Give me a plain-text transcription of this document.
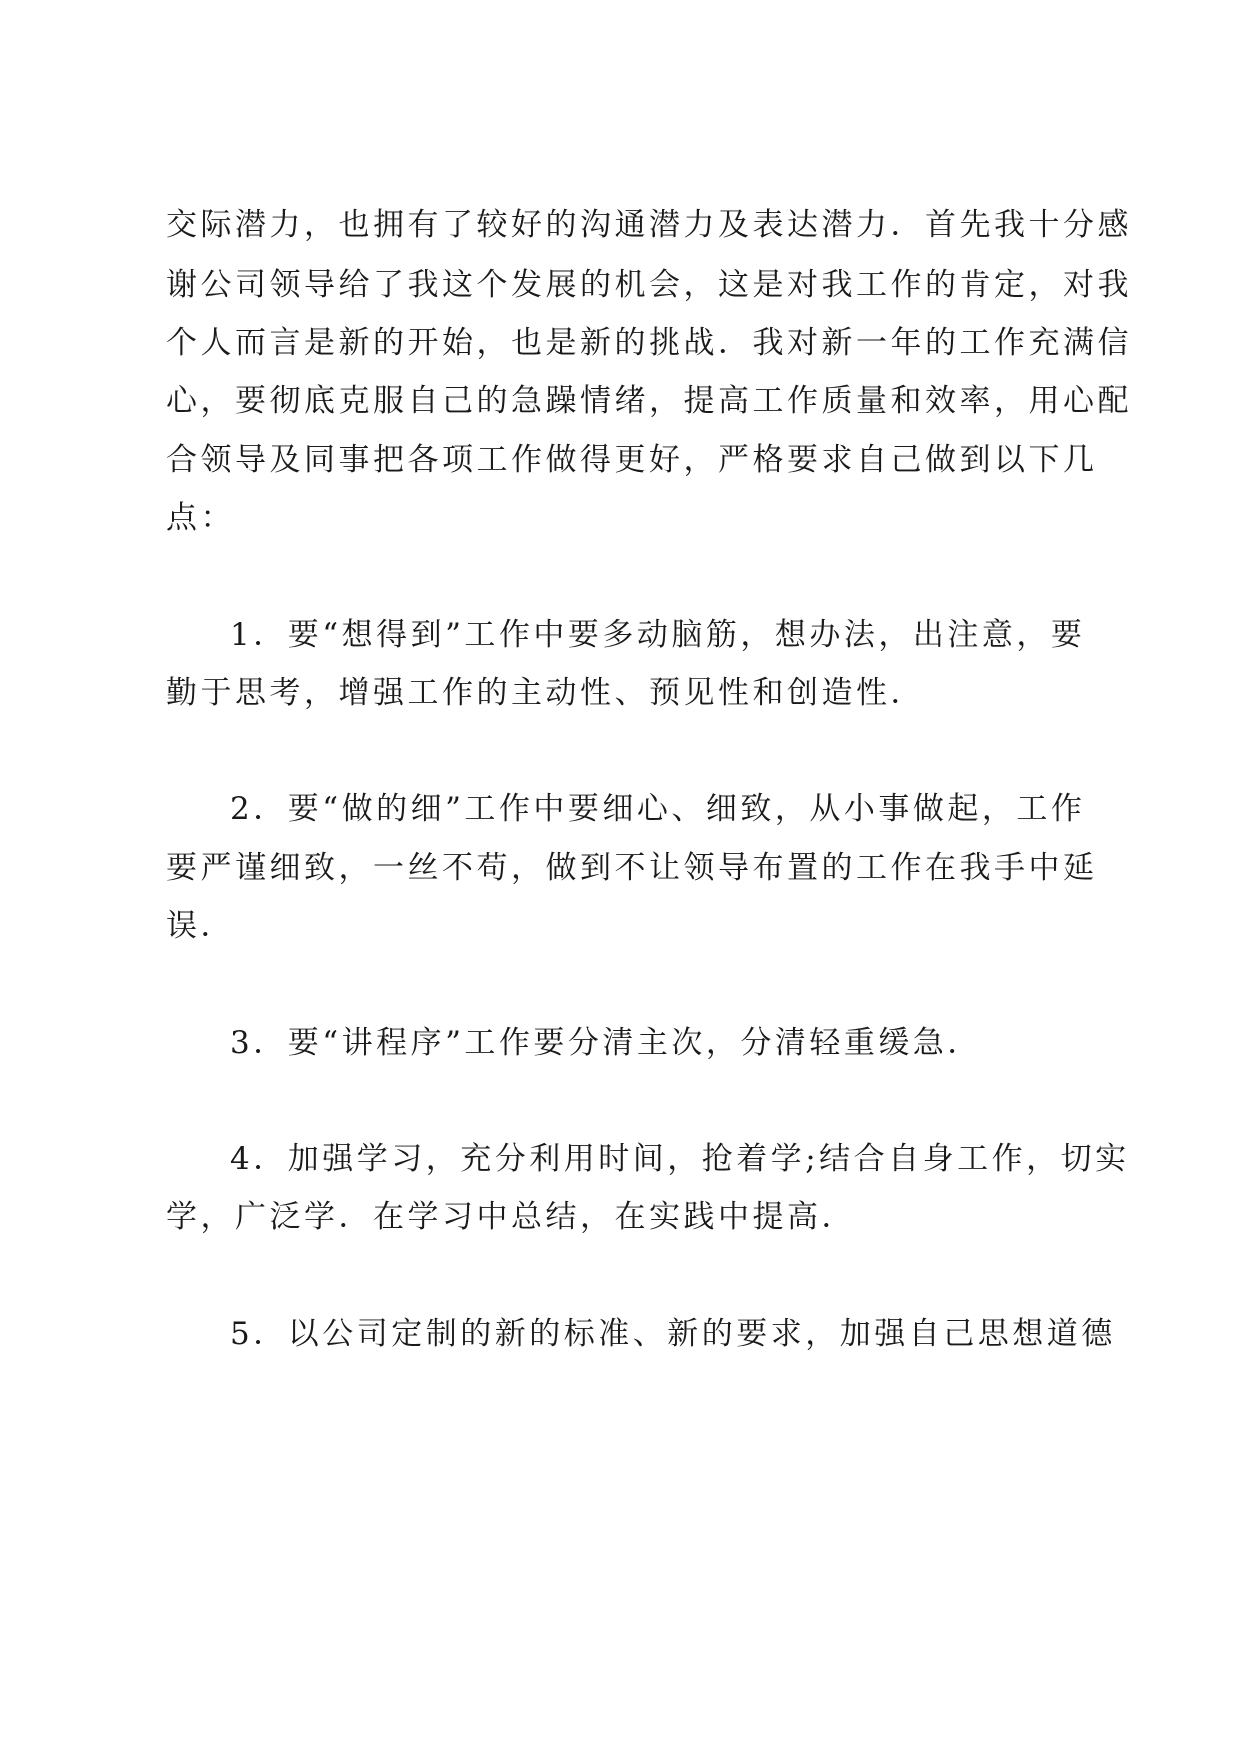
交际潜力，也拥有了较好的沟通潜力及表达潜力．首先我十分感
谢公司领导给了我这个发展的机会，这是对我工作的肯定，对我
个人而言是新的开始，也是新的挑战．我对新一年的工作充满信
心，要彻底克服自己的急躁情绪，提高工作质量和效率，用心配
合领导及同事把各项工作做得更好，严格要求自己做到以下几
点：
1．要“想得到”工作中要多动脑筋，想办法，出注意，要
勤于思考，增强工作的主动性、预见性和创造性．
2．要“做的细”工作中要细心、细致，从小事做起，工作
要严谨细致，一丝不苟，做到不让领导布置的工作在我手中延
误．
3．要“讲程序”工作要分清主次，分清轻重缓急．
4．加强学习，充分利用时间，抢着学;结合自身工作，切实
学，广泛学．在学习中总结，在实践中提高．
5．以公司定制的新的标准、新的要求，加强自己思想道德
